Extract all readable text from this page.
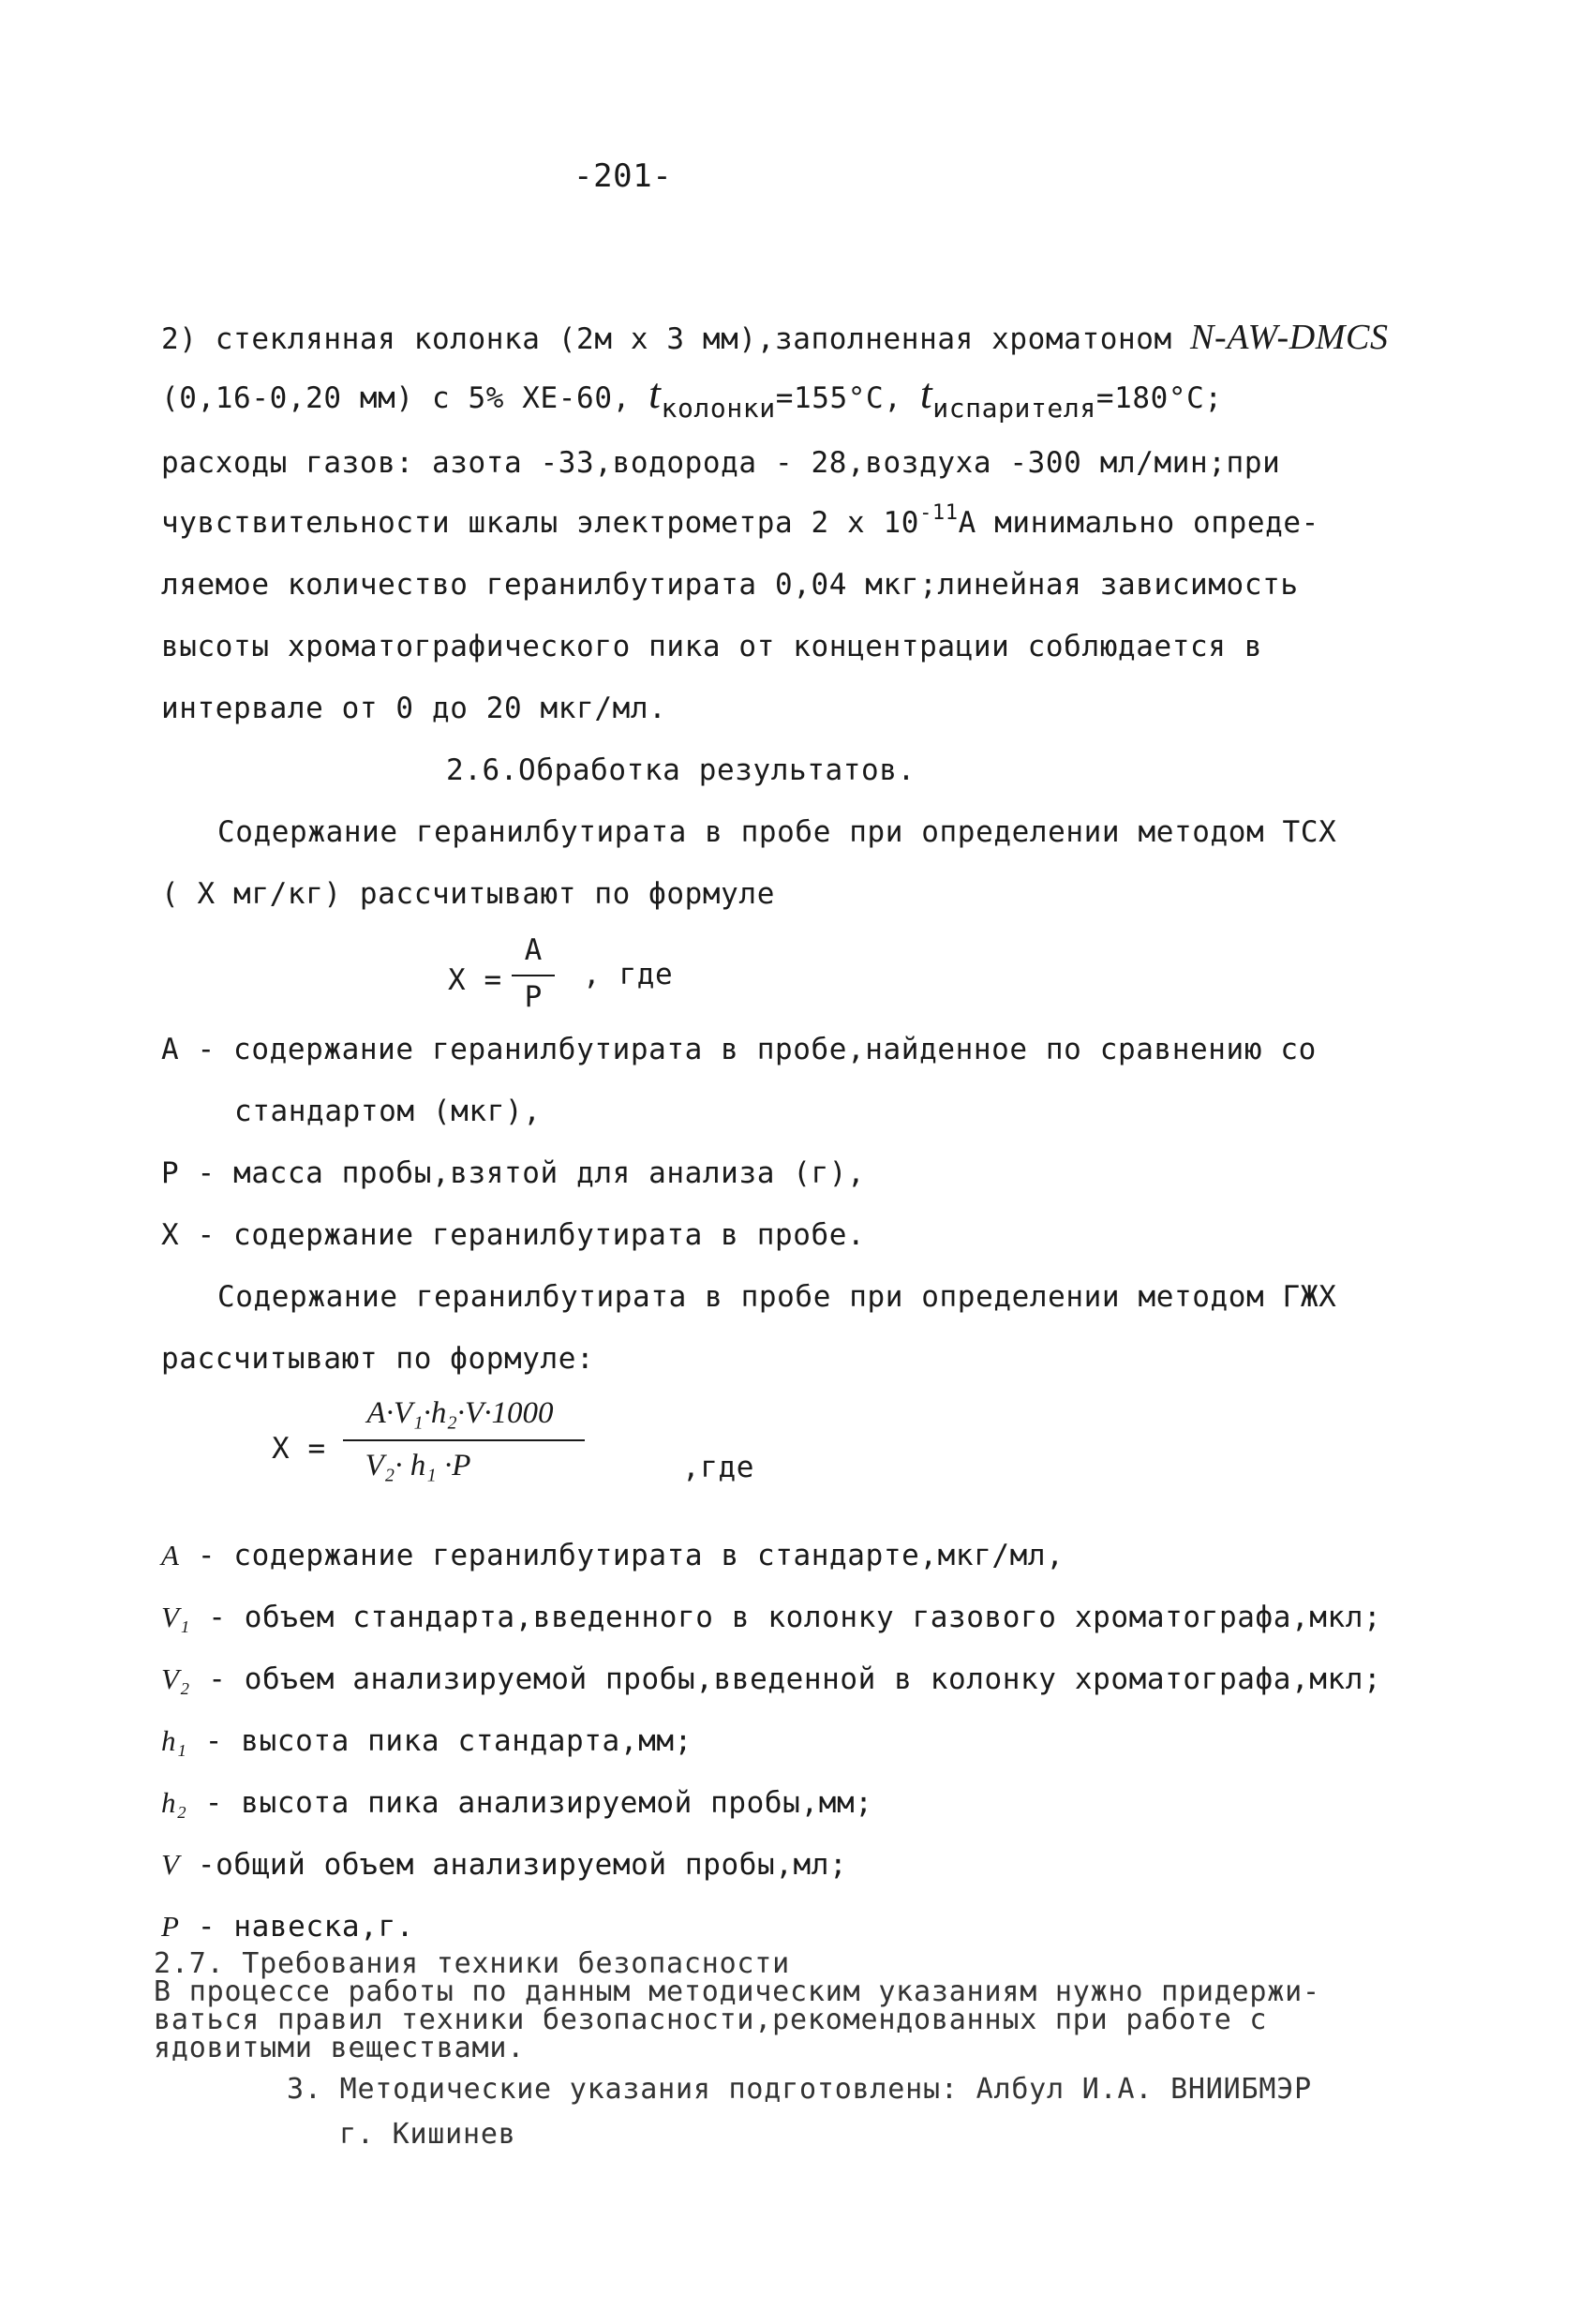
-201-
2) стеклянная колонка (2м х 3 мм),заполненная хроматоном N-AW-DMCS
(0,16-0,20 мм) с 5% XE-60, tколонки=155°C, tиспарителя=180°C;
расходы газов: азота -33,водорода - 28,воздуха -300 мл/мин;при
чувствительности шкалы электрометра 2 х $10^{-11}А$ минимально опреде-
ляемое количество геранилбутирата 0,04 мкг;линейная зависимость
высоты хроматографического пика от концентрации соблюдается в
интервале от 0 до 20 мкг/мл.
2.6.Обработка результатов.
Содержание геранилбутирата в пробе при определении методом ТСХ
( Х мг/кг) рассчитывают по формуле
Х =
А
Р
, где
А - содержание геранилбутирата в пробе,найденное по сравнению со
стандартом (мкг),
Р - масса пробы,взятой для анализа (г),
Х - содержание геранилбутирата в пробе.
Содержание геранилбутирата в пробе при определении методом ГЖХ
рассчитывают по формуле:
Х =
A·V₁·h₂·V·1000
V₂· h₁ ·P	,где
A - содержание геранилбутирата в стандарте,мкг/мл,
V₁ - объем стандарта,введенного в колонку газового хроматографа,мкл;
V₂ - объем анализируемой пробы,введенной в колонку хроматографа,мкл;
h₁ - высота пика стандарта,мм;
h₂ - высота пика анализируемой пробы,мм;
V -общий объем анализируемой пробы,мл;
P - навеска,г.
2.7. Требования техники безопасности
В процессе работы по данным методическим указаниям нужно придержи-
ваться правил техники безопасности,рекомендованных при работе с
ядовитыми веществами.
3. Методические указания подготовлены: Албул И.А. ВНИИБМЭР
г. Кишинев
